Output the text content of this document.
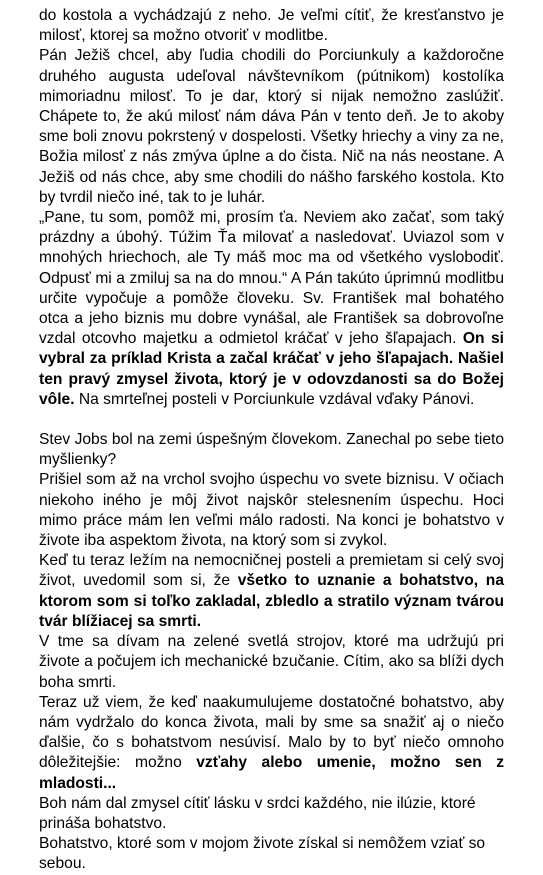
do kostola a vychádzajú z neho. Je veľmi cítiť, že kresťanstvo je milosť, ktorej sa možno otvoriť v modlitbe.

Pán Ježiš chcel, aby ľudia chodili do Porciunkuly a každoročne druhého augusta udeľoval návštevníkom (pútnikom) kostolíka mimoriadnu milosť. To je dar, ktorý si nijak nemožno zaslúžiť. Chápete to, že akú milosť nám dáva Pán v tento deň. Je to akoby sme boli znovu pokrstený v dospelosti. Všetky hriechy a viny za ne, Božia milosť z nás zmýva úplne a do čista. Nič na nás neostane. A Ježiš od nás chce, aby sme chodili do nášho farského kostola. Kto by tvrdil niečo iné, tak to je luhár.

„Pane, tu som, pomôž mi, prosím ťa. Neviem ako začať, som taký prázdny a úbohý. Túžim Ťa milovať a nasledovať. Uviazol som v mnohých hriechoch, ale Ty máš moc ma od všetkého vyslobodiť. Odpusť mi a zmiluj sa na do mnou.“ A Pán takúto úprimnú modlitbu určite vypočuje a pomôže človeku. Sv. František mal bohatého otca a jeho biznis mu dobre vynášal, ale František sa dobrovoľne vzdal otcovho majetku a odmietol kráčať v jeho šľapajach. On si vybral za príklad Krista a začal kráčať v jeho šľapajach. Našiel ten pravý zmysel života, ktorý je v odovzdanosti sa do Božej vôle. Na smrteľnej posteli v Porciunkule vzdával vďaky Pánovi.

Stev Jobs bol na zemi úspešným človekom. Zanechal po sebe tieto myšlienky?

Prišiel som až na vrchol svojho úspechu vo svete biznisu. V očiach niekoho iného je môj život najskôr stelesnením úspechu. Hoci mimo práce mám len veľmi málo radosti. Na konci je bohatstvo v živote iba aspektom života, na ktorý som si zvykol.

Keď tu teraz ležím na nemocničnej posteli a premietam si celý svoj život, uvedomil som si, že všetko to uznanie a bohatstvo, na ktorom som si toľko zakladal, zbledlo a stratilo význam tvárou tvár blížiacej sa smrti.

V tme sa dívam na zelené svetlá strojov, ktoré ma udržujú pri živote a počujem ich mechanické bzučanie. Cítim, ako sa blíži dych boha smrti.

Teraz už viem, že keď naakumulujeme dostatočné bohatstvo, aby nám vydržalo do konca života, mali by sme sa snažiť aj o niečo ďalšie, čo s bohatstvom nesúvisí. Malo by to byť niečo omnoho dôležitejšie: možno vzťahy alebo umenie, možno sen z mladosti...

Boh nám dal zmysel cítiť lásku v srdci každého, nie ilúzie, ktoré prináša bohatstvo.

Bohatstvo, ktoré som v mojom živote získal si nemôžem vziať so sebou.
